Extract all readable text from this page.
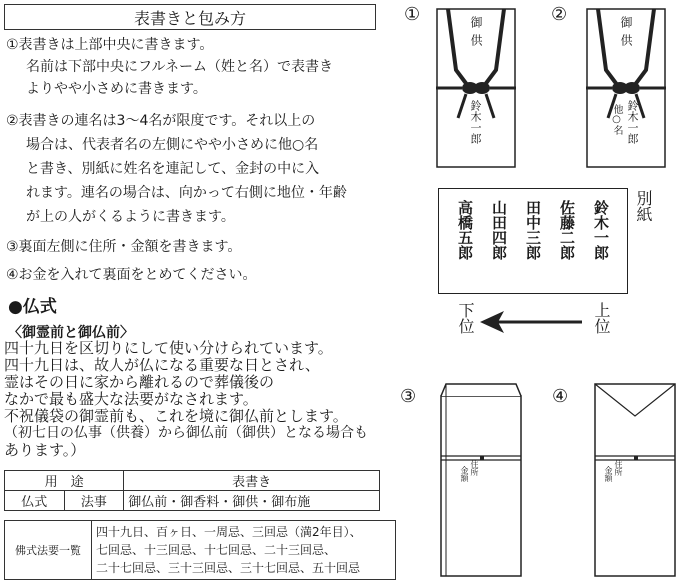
表書きと包み方
①表書きは上部中央に書きます。
名前は下部中央にフルネーム（姓と名）で表書き
よりやや小さめに書きます。
②表書きの連名は3〜4名が限度です。それ以上の
場合は、代表者名の左側にやや小さめに他○名
と書き、別紙に姓名を連記して、金封の中に入
れます。連名の場合は、向かって右側に地位・年齢
が上の人がくるように書きます。
③裏面左側に住所・金額を書きます。
④お金を入れて裏面をとめてください。
●仏式
〈御霊前と御仏前〉
四十九日を区切りにして使い分けられています。
四十九日は、故人が仏になる重要な日とされ、
霊はその日に家から離れるので葬儀後の
なかで最も盛大な法要がなされます。
不祝儀袋の御霊前も、これを境に御仏前とします。
（初七日の仏事（供養）から御仏前（御供）となる場合も
あります。）
用　途		表書き
仏式	法事	御仏前・御香料・御供・御布施
佛式法要一覧	
四十九日、百ヶ日、一周忌、三回忌（満2年目）、
七回忌、十三回忌、十七回忌、二十三回忌、
二十七回忌、三十三回忌、三十七回忌、五十回忌
①
御供
鈴木一郎
②
御供
鈴木一郎
他○名
別紙
鈴木一郎
佐藤二郎
田中三郎
山田四郎
高橋五郎
下位	上位
③
金額 住所
④
金額 住所
